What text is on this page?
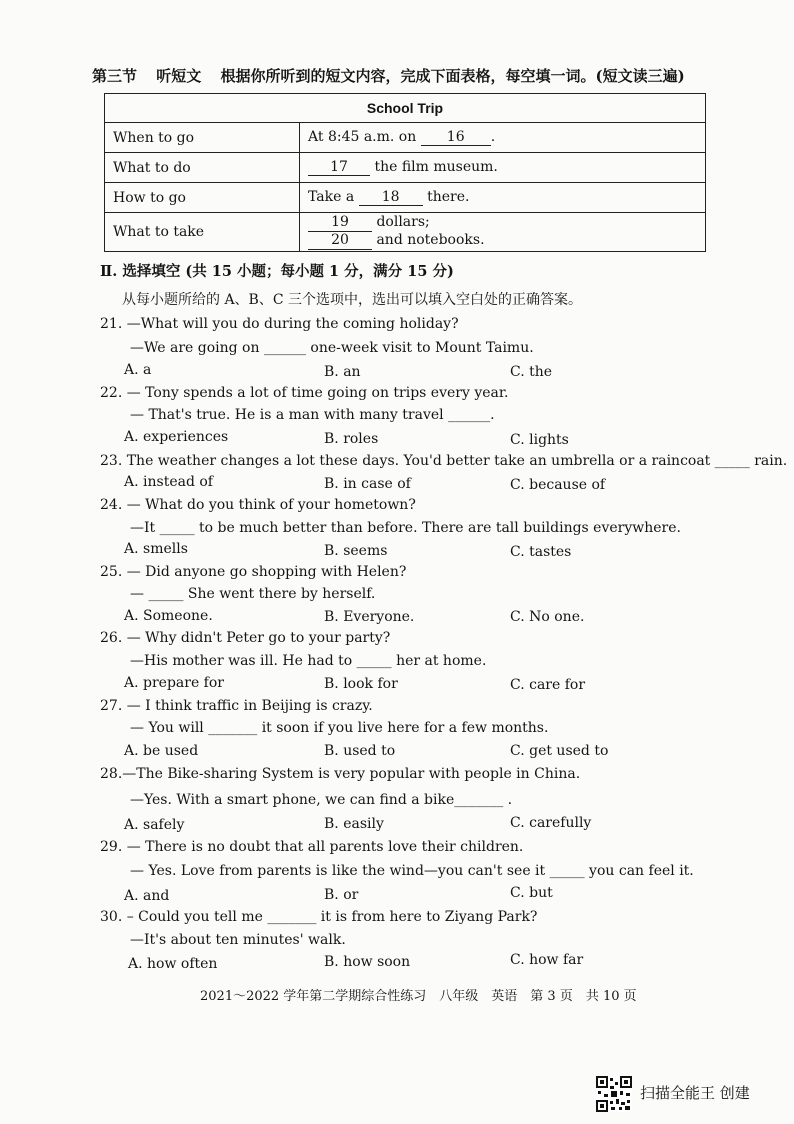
第三节 听短文 根据你所听到的短文内容，完成下面表格，每空填一词。(短文读三遍)
School Trip	
When to go	At 8:45 a.m. on 16 .
What to do	17 the film museum.
How to go	Take a 18 there.
What to take	19 dollars;
20 and notebooks.
Ⅱ. 选择填空 (共 15 小题；每小题 1 分，满分 15 分)
从每小题所给的 A、B、C 三个选项中，选出可以填入空白处的正确答案。
21. —What will you do during the coming holiday?
—We are going on ______ one-week visit to Mount Taimu.
A. a	B. an	C. the
22. — Tony spends a lot of time going on trips every year.
— That's true. He is a man with many travel ______.
A. experiences	B. roles	C. lights
23. The weather changes a lot these days. You'd better take an umbrella or a raincoat _____ rain.
A. instead of	B. in case of	C. because of
24. — What do you think of your hometown?
—It _____ to be much better than before. There are tall buildings everywhere.
A. smells	B. seems	C. tastes
25. — Did anyone go shopping with Helen?
— _____ She went there by herself.
A. Someone.	B. Everyone.	C. No one.
26. — Why didn't Peter go to your party?
—His mother was ill. He had to _____ her at home.
A. prepare for	B. look for	C. care for
27. — I think traffic in Beijing is crazy.
— You will _______ it soon if you live here for a few months.
A. be used	B. used to	C. get used to
28.—The Bike-sharing System is very popular with people in China.
—Yes. With a smart phone, we can find a bike_______ .
A. safely	B. easily	C. carefully
29. — There is no doubt that all parents love their children.
— Yes. Love from parents is like the wind—you can't see it _____ you can feel it.
A. and	B. or	C. but
30. – Could you tell me _______ it is from here to Ziyang Park?
—It's about ten minutes' walk.
A. how often	B. how soon	C. how far
2021～2022 学年第二学期综合性练习　八年级　英语　第 3 页　共 10 页
扫描全能王 创建
